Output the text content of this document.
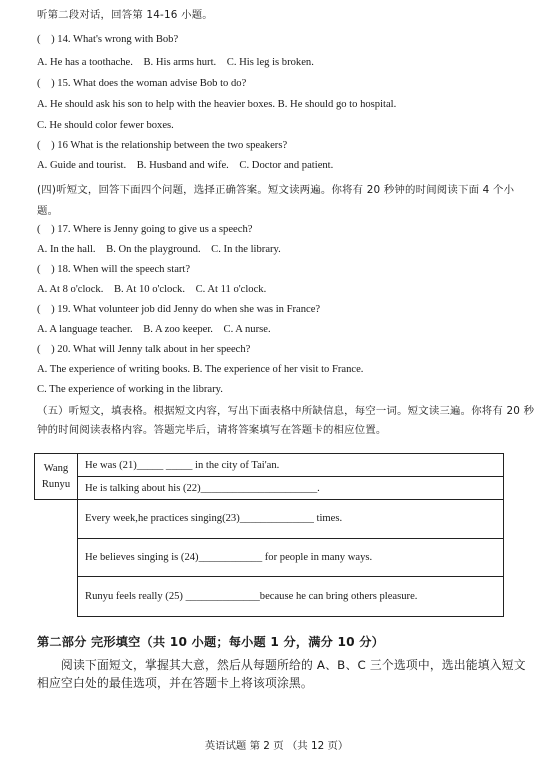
听第二段对话，回答第 14-16 小题。
(　) 14. What's wrong with Bob?
A. He has a toothache.　B. His arms hurt.　C. His leg is broken.
(　) 15. What does the woman advise Bob to do?
A. He should ask his son to help with the heavier boxes. B. He should go to hospital.
C. He should color fewer boxes.
(　) 16 What is the relationship between the two speakers?
A. Guide and tourist.　B. Husband and wife.　C. Doctor and patient.
(四)听短文，回答下面四个问题，选择正确答案。短文读两遍。你将有 20 秒钟的时间阅读下面 4 个小题。
(　) 17. Where is Jenny going to give us a speech?
A. In the hall.　B. On the playground.　C. In the library.
(　) 18. When will the speech start?
A. At 8 o'clock.　B. At 10 o'clock.　C. At 11 o'clock.
(　) 19. What volunteer job did Jenny do when she was in France?
A. A language teacher.　B. A zoo keeper.　C. A nurse.
(　) 20. What will Jenny talk about in her speech?
A. The experience of writing books. B. The experience of her visit to France.
C. The experience of working in the library.
（五）听短文，填表格。根据短文内容，写出下面表格中所缺信息，每空一词。短文读三遍。你将有 20 秒钟的时间阅读表格内容。答题完毕后，请将答案填写在答题卡的相应位置。
Wang
Runyu	He was (21)_____ _____ in the city of Tai'an.
	He is talking about his (22)______________________.
	Every week,he practices singing(23)______________ times.
	He believes singing is (24)____________ for people in many ways.
	Runyu feels really (25) ______________because he can bring others pleasure.
第二部分 完形填空（共 10 小题；每小题 1 分，满分 10 分）
阅读下面短文，掌握其大意，然后从每题所给的 A、B、C 三个选项中，选出能填入短文相应空白处的最佳选项，并在答题卡上将该项涂黑。
英语试题 第 2 页 （共 12 页）
